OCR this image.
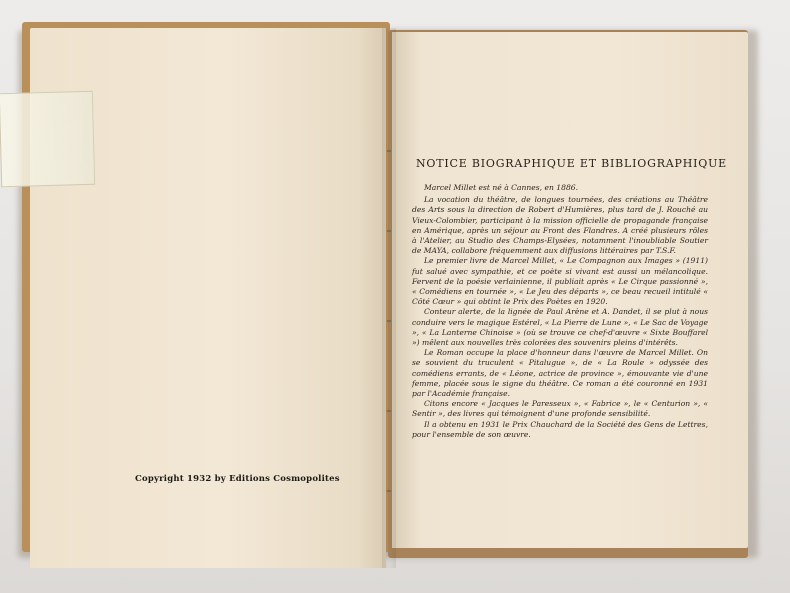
Copyright 1932 by Editions Cosmopolites
NOTICE BIOGRAPHIQUE ET BIBLIOGRAPHIQUE

Marcel Millet est né à Cannes, en 1886.

La vocation du théâtre, de longues tournées, des créations au Théâtre des Arts sous la direction de Robert d'Humières, plus tard de J. Rouché au Vieux-Colombier, participant à la mission officielle de propagande française en Amérique, après un séjour au Front des Flandres. A créé plusieurs rôles à l'Atelier, au Studio des Champs-Elysées, notamment l'inoubliable Soutier de MAYA, collabore fréquemment aux diffusions littéraires par T.S.F.

Le premier livre de Marcel Millet, « Le Compagnon aux Images » (1911) fut salué avec sympathie, et ce poète si vivant est aussi un mélancolique. Fervent de la poésie verlainienne, il publiait après « Le Cirque passionné », « Comédiens en tournée », « Le Jeu des départs », ce beau recueil intitulé « Côté Cœur » qui obtint le Prix des Poètes en 1920.

Conteur alerte, de la lignée de Paul Arène et A. Dandet, il se plut à nous conduire vers le magique Estérel, « La Pierre de Lune », « Le Sac de Voyage », « La Lanterne Chinoise » (où se trouve ce chef-d'œuvre « Sixte Bouffarel ») mêlent aux nouvelles très colorées des souvenirs pleins d'intérêts.

Le Roman occupe la place d'honneur dans l'œuvre de Marcel Millet. On se souvient du truculent « Pitalugue », de « La Roule » odyssée des comédiens errants, de « Léone, actrice de province », émouvante vie d'une femme, placée sous le signe du théâtre. Ce roman a été couronné en 1931 par l'Académie française.

Citons encore « Jacques le Paresseux », « Fabrice », le « Centurion », « Sentir », des livres qui témoignent d'une profonde sensibilité.

Il a obtenu en 1931 le Prix Chauchard de la Société des Gens de Lettres, pour l'ensemble de son œuvre.
